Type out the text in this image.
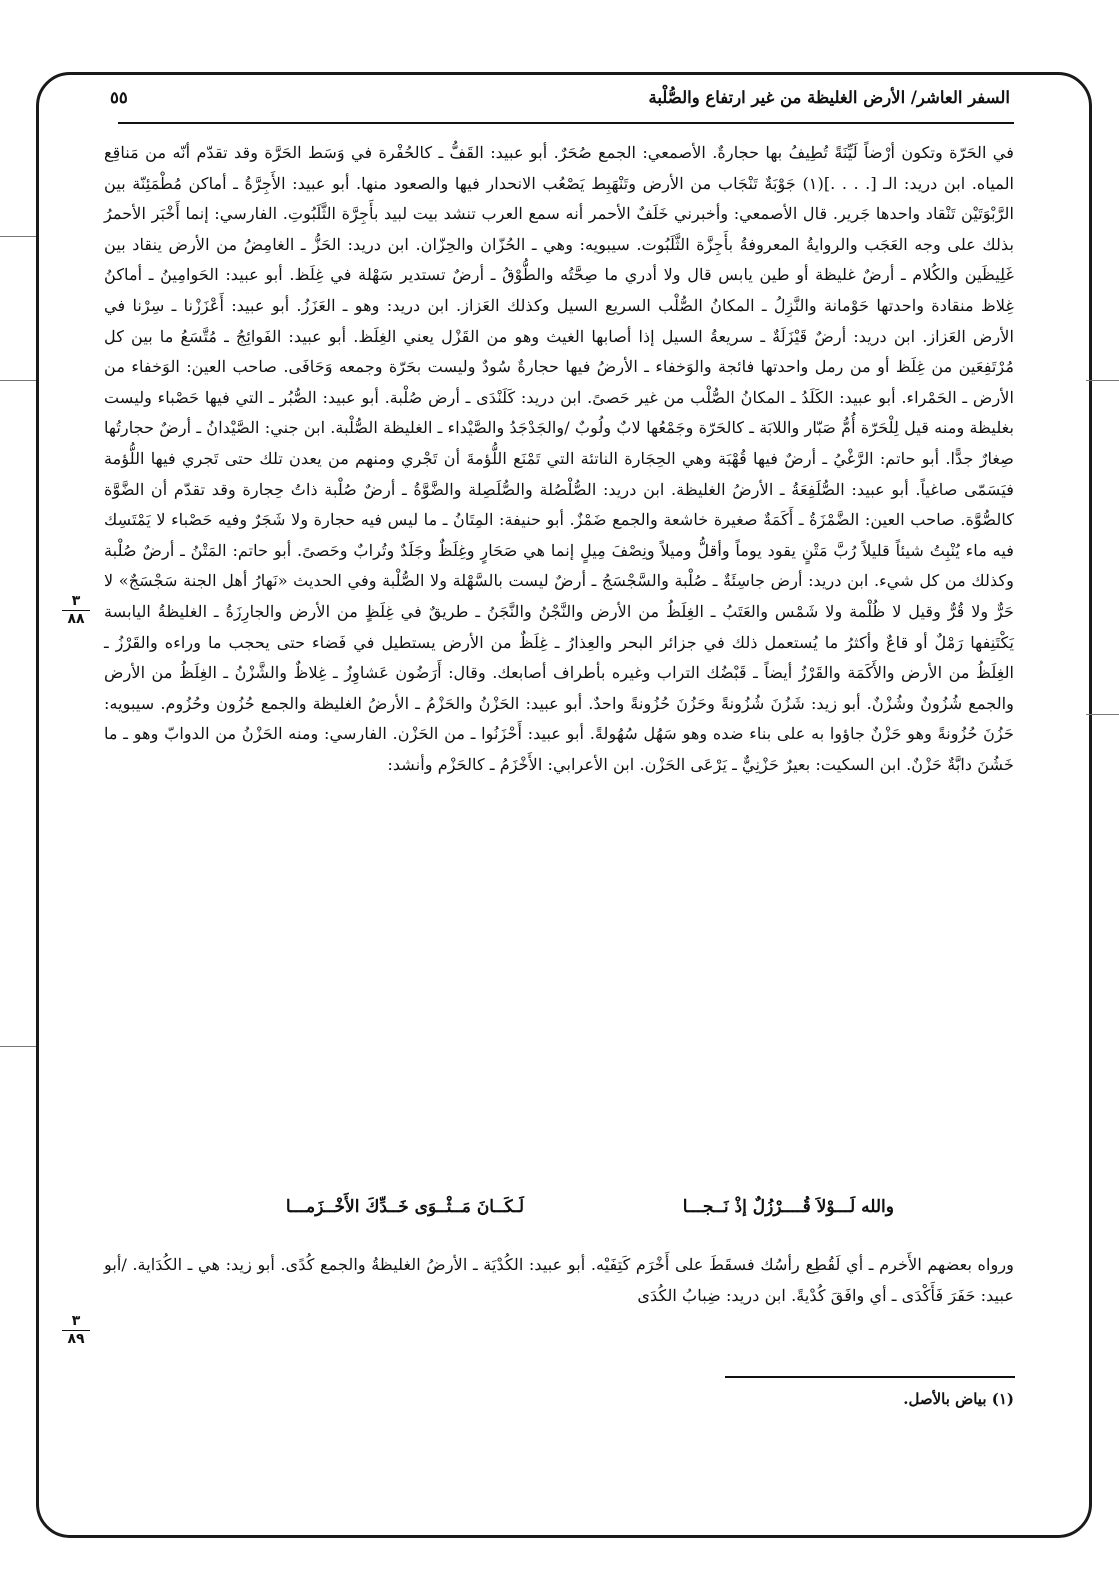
السفر العاشر/ الأرض الغليظة من غير ارتفاع والصُّلْبة
٥٥

في الحَرّة وتكون أرْضاً لَيِّنَةً تُطِيفُ بها حجارةٌ. الأصمعي: الجمع صُحَرٌ. أبو عبيد: القَفُّ ـ كالحُفْرة في وَسَط الحَرَّة وقد تقدّم أنّه من مَناقِع المياه. ابن دريد: الـ [. . . .](١) جَوْبَةٌ تَنْجَاب من الأرض وتَنْهَبِط يَصْعُب الانحدار فيها والصعود منها. أبو عبيد: الأَجِرَّةُ ـ أماكن مُطْمَئِنّة بين الرَّبْوَتَيْن تَنْقاد واحدها جَرير. قال الأصمعي: وأخبرني خَلَفٌ الأحمر أنه سمع العرب تنشد بيت لبيد بأَجِرَّة الثَّلَبُوتِ. الفارسي: إنما أَخْبَر الأحمرُ بذلك على وجه العَجَب والروايةُ المعروفةُ بأَجِزَّة الثَّلَبُوت. سيبويه: وهي ـ الحُزّان والحِزّان. ابن دريد: الحَزُّ ـ الغامِضُ من الأرض ينقاد بين غَلِيظَين والكُلام ـ أرضٌ غليظة أو طين يابس قال ولا أدري ما صِحَّتُه والطُّوْقُ ـ أرضٌ تستدير سَهْلة في غِلَظ. أبو عبيد: الحَوامِينُ ـ أماكنُ غِلاظ منقادة واحدتها حَوْمانة والنَّزِلُ ـ المكانُ الصُّلْب السريع السيل وكذلك العَزاز. ابن دريد: وهو ـ العَزَزُ. أبو عبيد: أَعْزَزْنا ـ سِرْنا في الأرض العَزاز. ابن دريد: أرضٌ قَيْزَلَةٌ ـ سريعةُ السيل إذا أصابها الغيث وهو من القَزْل يعني الغِلَظ. أبو عبيد: الفَوائِجُ ـ مُتَّسَعُ ما بين كل مُرْتَفِعَين من غِلَظ أو من رمل واحدتها فائجة والوَخفاء ـ الأرضُ فيها حجارةٌ سُودٌ وليست بحَرّة وجمعه وَحَافَى. صاحب العين: الوَخفاء من الأرض ـ الحَمْراء. أبو عبيد: الكَلَدُ ـ المكانُ الصُّلْب من غير حَصىً. ابن دريد: كَلَنْدَى ـ أرض صُلْبة. أبو عبيد: الصُّبُر ـ التي فيها حَصْباء وليست بغليظة ومنه قيل لِلْحَرّة أُمُّ صَبّار واللابَة ـ كالحَرّة وجَمْعُها لابٌ ولُوبٌ /والجَدْجَدُ والصَّيْداء ـ الغليظة الصُّلْبة. ابن جني: الصَّيْدانُ ـ أرضٌ حجارتُها صِغارٌ جدًّا. أبو حاتم: الرَّغْيُ ـ أرضٌ فيها قُهْبَة وهي الحِجَارة الناتئة التي تَمْنَع اللُّؤمةَ أن تَجْري ومنهم من يعدن تلك حتى تَجري فيها اللُّؤمة فيَسَمّى صاغياً. أبو عبيد: الصُّلَفِعَةُ ـ الأرضُ الغليظة. ابن دريد: الصُّلْصُلة والصُّلَصِلة والضَّوَّةُ ـ أرضٌ صُلْبة ذاتُ حِجارة وقد تقدّم أن الضَّوَّة كالصُّوَّة. صاحب العين: الضَّمْزَةُ ـ أَكَمَةٌ صغيرة خاشعة والجمع ضَمْزٌ. أبو حنيفة: المِتَانُ ـ ما ليس فيه حجارة ولا شَجَرٌ وفيه حَصْباء لا يَمْتَسِك فيه ماء يُنْبِتُ شيئاً قليلاً رُبَّ مَتْنٍ يقود يوماً وأقلُّ وميلاً ونِصْفَ مِيلٍ إنما هي صَحَارٍ وغِلَظٌ وجَلَدٌ وتُرابٌ وحَصىً. أبو حاتم: المَتْنُ ـ أرضٌ صُلْبة وكذلك من كل شيء. ابن دريد: أرض جاسِئَةٌ ـ صُلْبة والسَّجْسَجُ ـ أرضٌ ليست بالسَّهْلة ولا الصُّلْبة وفي الحديث «نَهارُ أهل الجنة سَجْسَجٌ» لا حَرٌّ ولا قُرٌّ وقيل لا ظُلْمة ولا شَمْس والعَتَبُ ـ الغِلَظُ من الأرض والنَّجْنُ والنَّجَنُ ـ طريقٌ في غِلَظٍ من الأرض والجارِزَةُ ـ الغليظةُ اليابسة يَكْتَنِفها رَمْلٌ أو قاعٌ وأكثرُ ما يُستعمل ذلك في جزائر البحر والعِذارُ ـ غِلَظٌ من الأرض يستطيل في فَضاء حتى يحجب ما وراءه والقَرْزُ ـ الغِلَظُ من الأرض والأَكَمَة والقَرْزُ أيضاً ـ قَبْضُك التراب وغيره بأطراف أصابعك. وقال: أَرَضُون عَشاوِزُ ـ غِلاظٌ والشَّزْنُ ـ الغِلَظُ من الأرض والجمع شُزُونٌ وشُزْنٌ. أبو زيد: شَزُنَ شُزُونةً وحَزُنَ حُزُونةً واحدٌ. أبو عبيد: الحَزْنُ والحَزْمُ ـ الأرضُ الغليظة والجمع حُزُون وحُزُوم. سيبويه: حَزُنَ حُزُونةً وهو حَزْنٌ جاؤوا به على بناء ضده وهو سَهُل سُهُولةً. أبو عبيد: أَحْزَنُوا ـ من الحَزْن. الفارسي: ومنه الحَزْنُ من الدوابّ وهو ـ ما خَشُنَ دابَّةٌ حَزْنٌ. ابن السكيت: بعيرٌ حَزْنِيٌّ ـ يَرْعَى الحَزْن. ابن الأعرابي: الأَخْزَمُ ـ كالحَزْم وأنشد:

والله لَـــوْلاَ قُــــرْزُلٌ إذْ نَــجـــا
لَـكَــانَ مَــثْــوَى خَــدِّكَ الأَخْــزَمـــا

ورواه بعضهم الأَخرم ـ أي لَقُطِع رأسُك فسقَطَ على أَخْرَم كَتِفَيْه. أبو عبيد: الكُدْيَة ـ الأرضُ الغليظةُ والجمع كُدًى. أبو زيد: هي ـ الكُدَاية. /أبو عبيد: حَفَرَ فَأَكْدَى ـ أي وافَقَ كُدْيةً. ابن دريد: ضِبابُ الكُدَى

٣
٨٨
٣
٨٩
(١) بياض بالأصل.
